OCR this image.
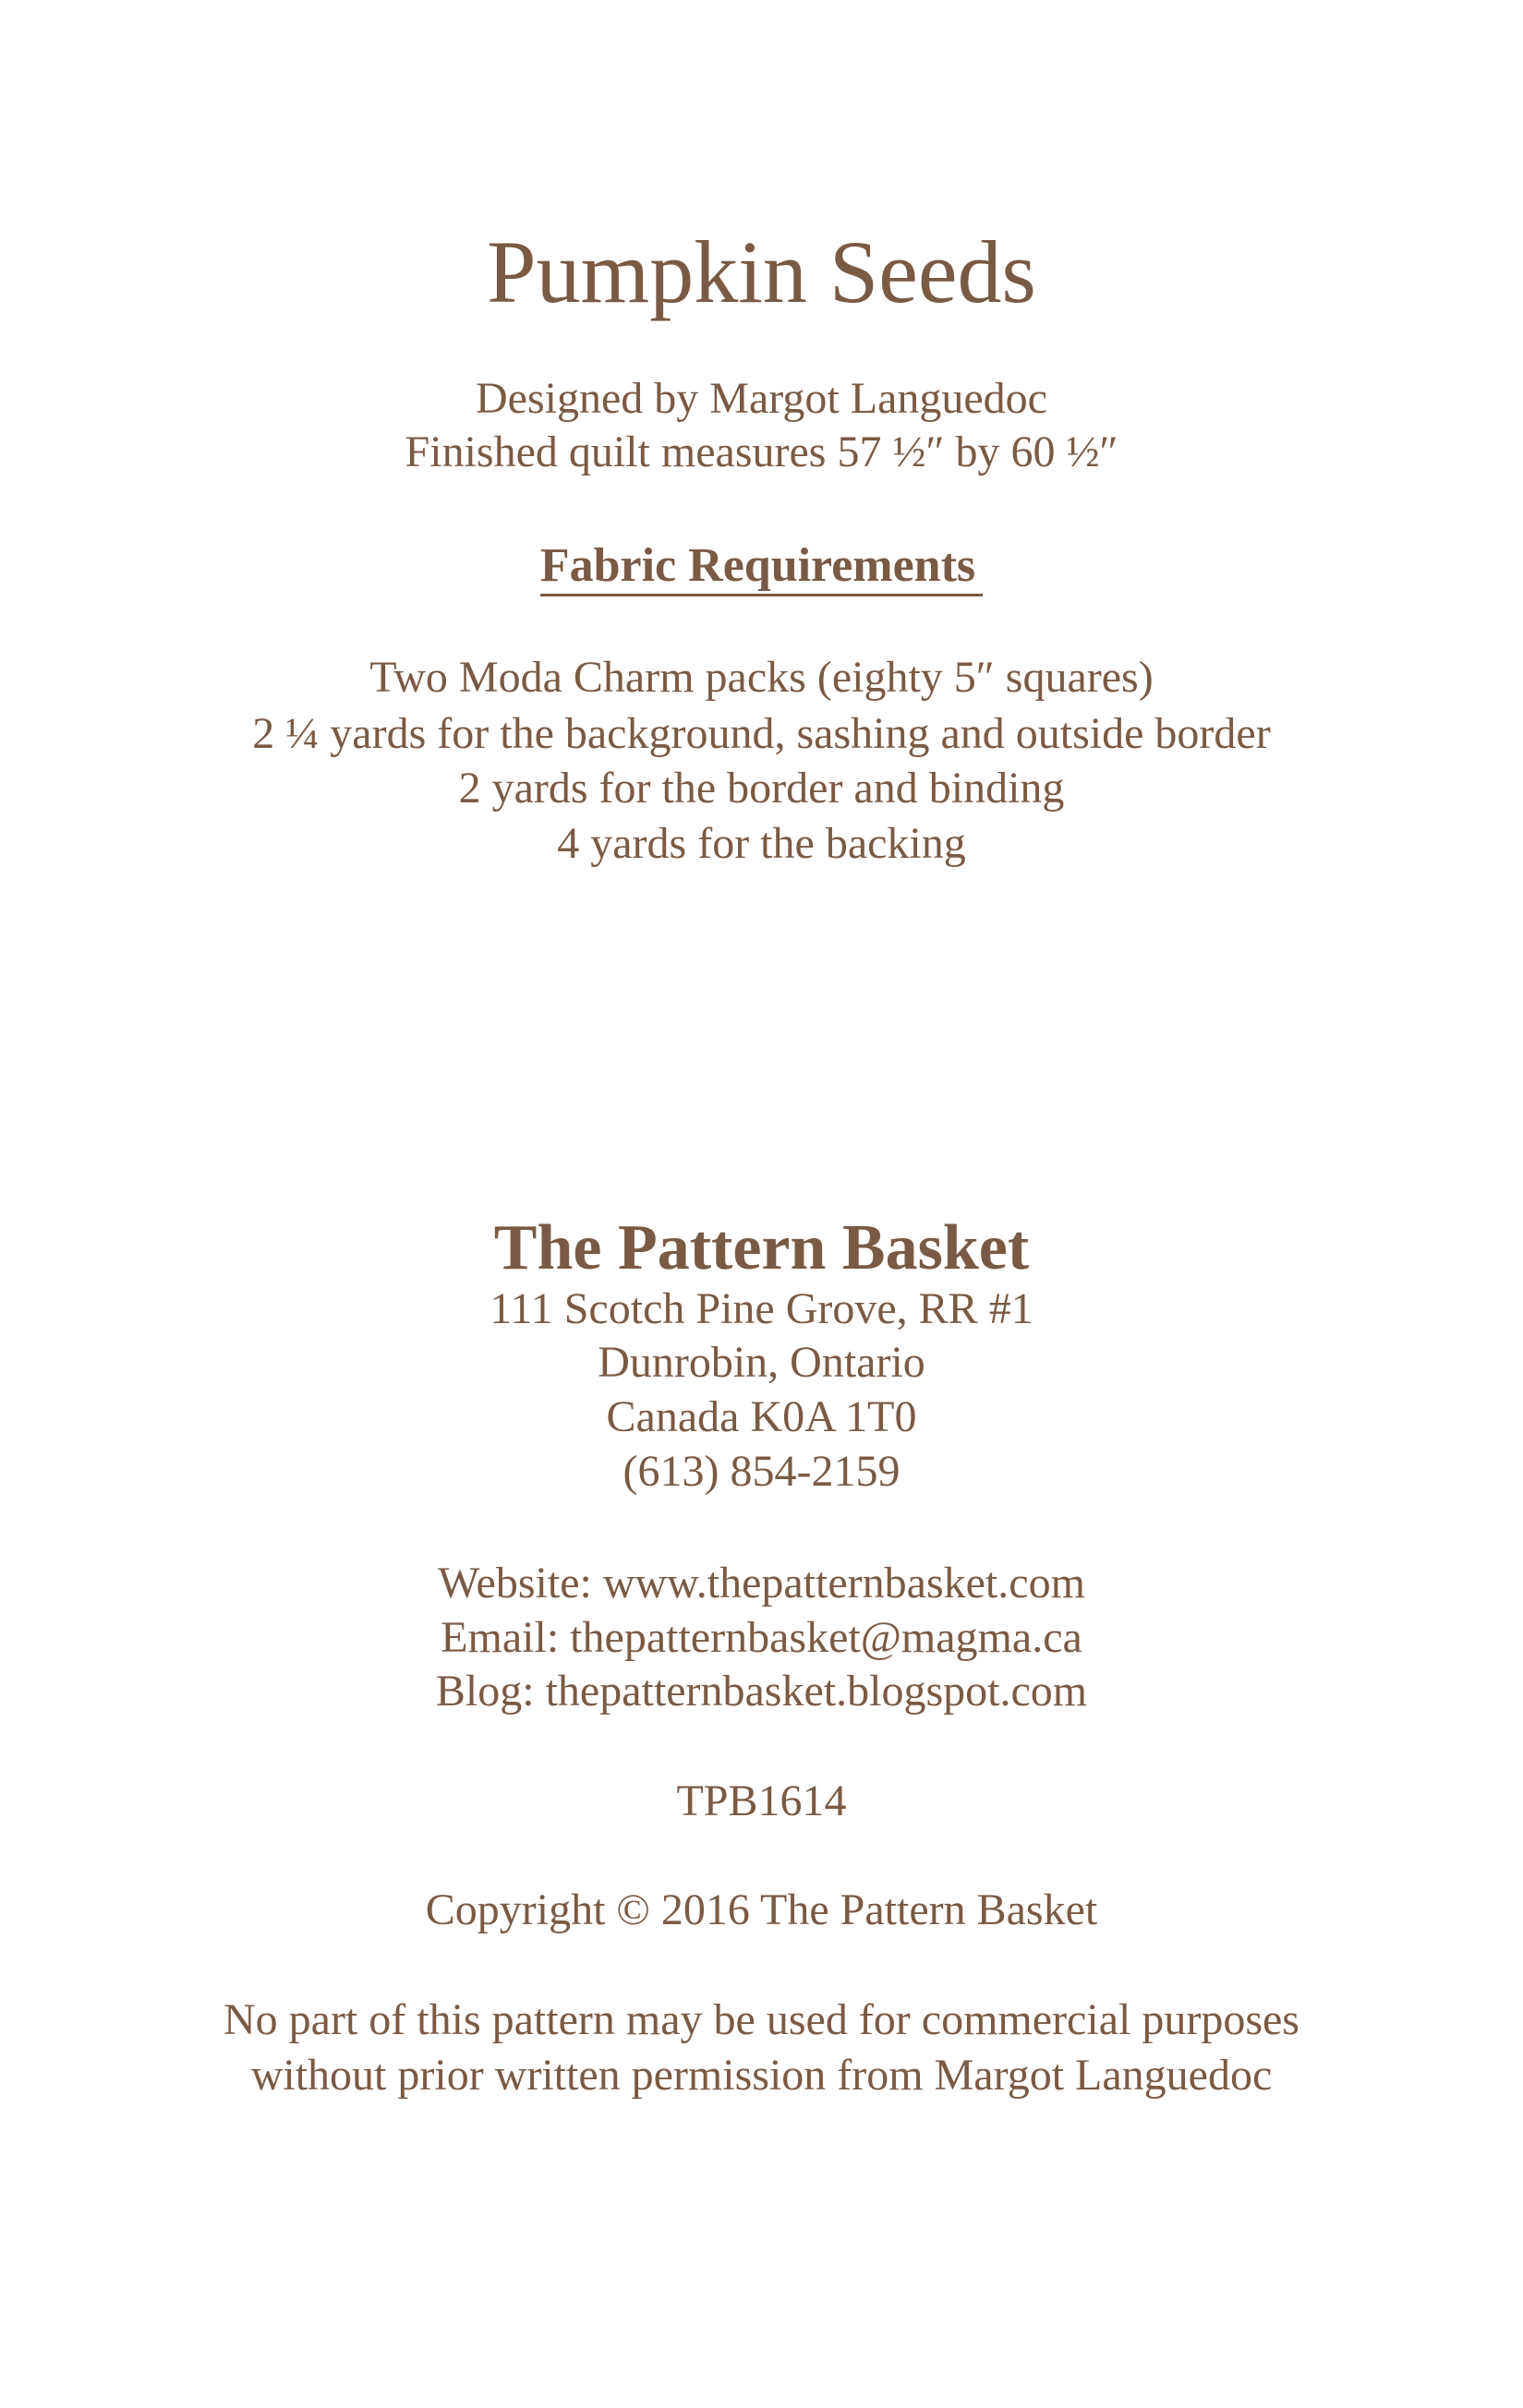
Pumpkin Seeds
Designed by Margot Languedoc
Finished quilt measures 57 ½″ by 60 ½″
Fabric Requirements
Two Moda Charm packs (eighty 5″ squares)
2 ¼ yards for the background, sashing and outside border
2 yards for the border and binding
4 yards for the backing
The Pattern Basket
111 Scotch Pine Grove, RR #1
Dunrobin, Ontario
Canada K0A 1T0
(613) 854-2159
Website: www.thepatternbasket.com
Email: thepatternbasket@magma.ca
Blog: thepatternbasket.blogspot.com
TPB1614
Copyright © 2016 The Pattern Basket
No part of this pattern may be used for commercial purposes
without prior written permission from Margot Languedoc
